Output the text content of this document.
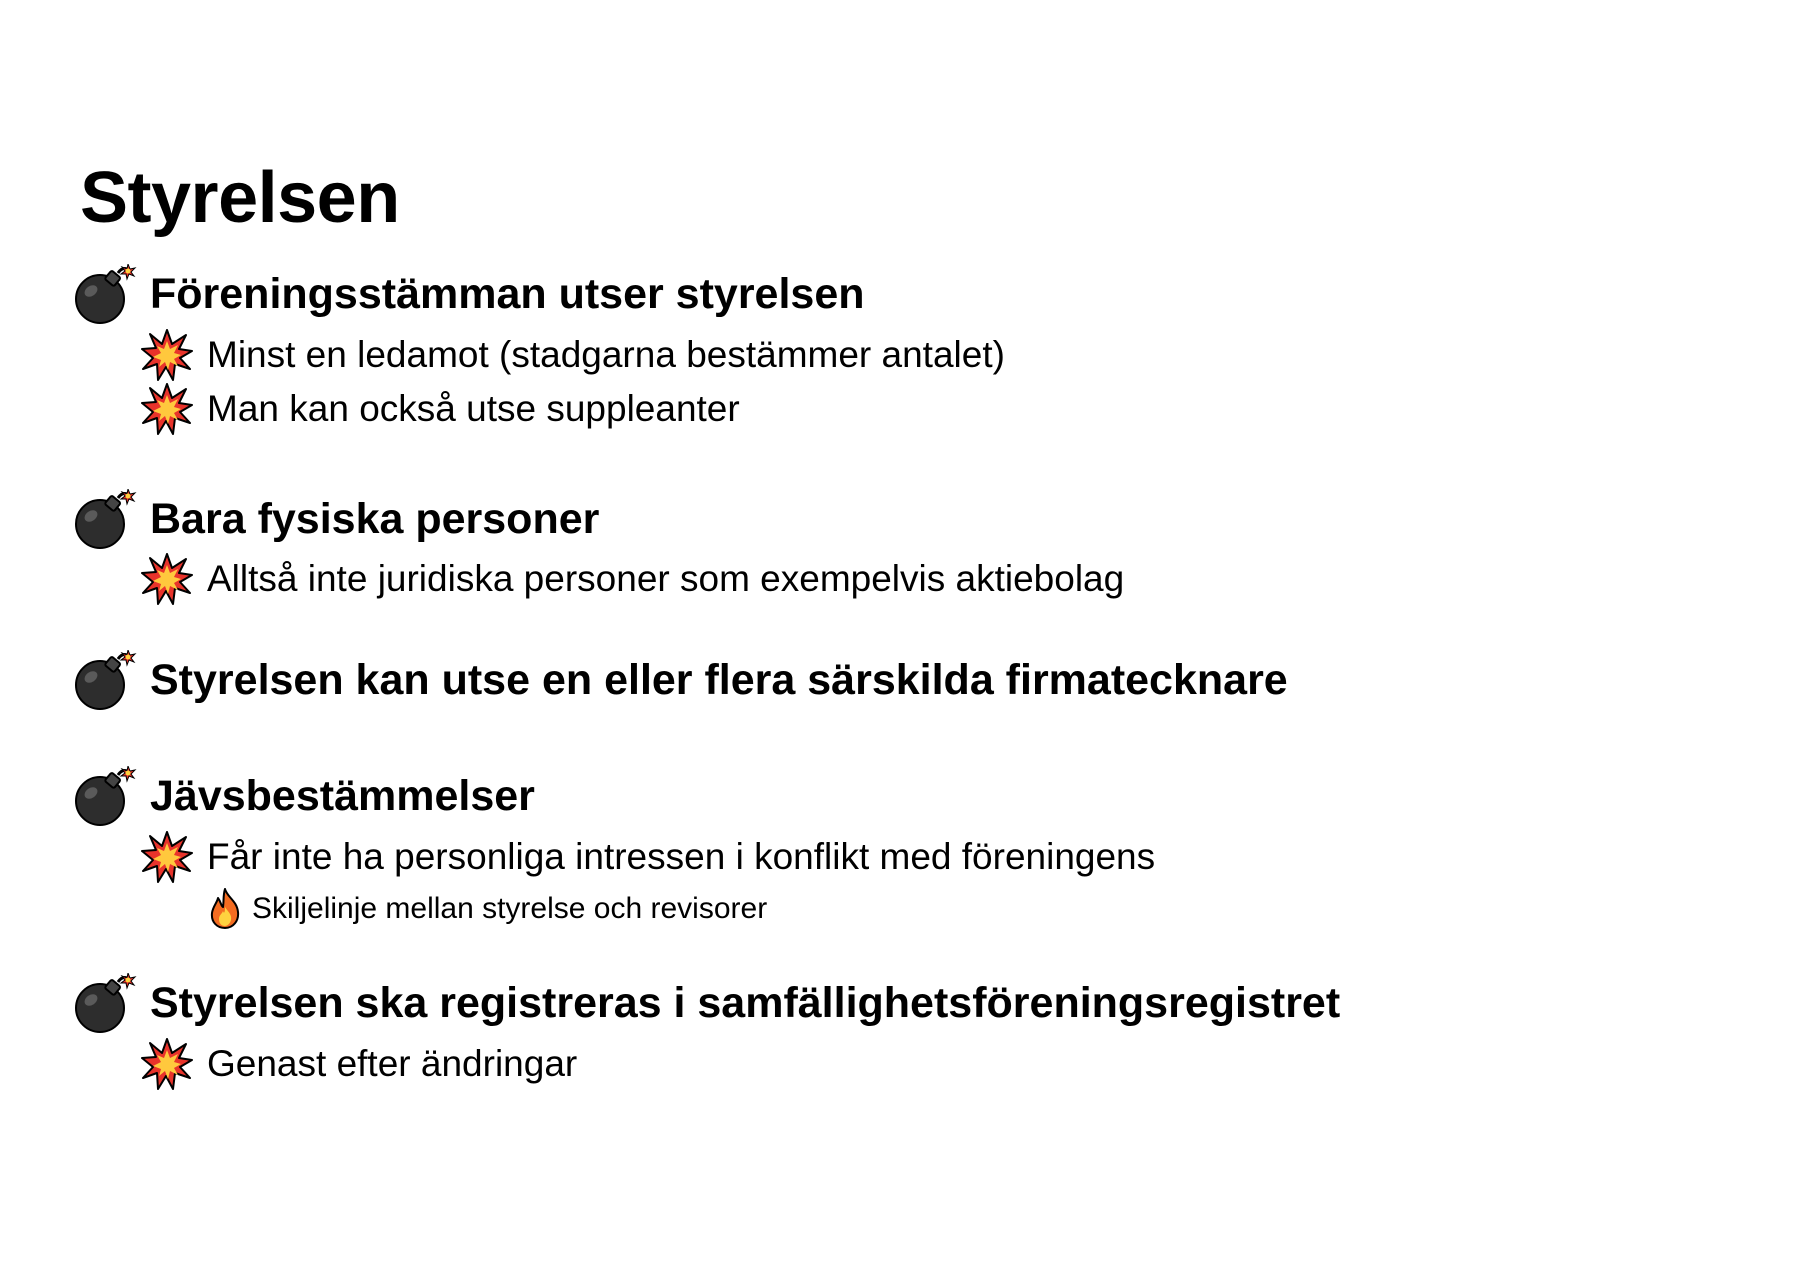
Styrelsen
Föreningsstämman utser styrelsen
Minst en ledamot (stadgarna bestämmer antalet)
Man kan också utse suppleanter
Bara fysiska personer
Alltså inte juridiska personer som exempelvis aktiebolag
Styrelsen kan utse en eller flera särskilda firmatecknare
Jävsbestämmelser
Får inte ha personliga intressen i konflikt med föreningens
Skiljelinje mellan styrelse och revisorer
Styrelsen ska registreras i samfällighetsföreningsregistret
Genast efter ändringar
